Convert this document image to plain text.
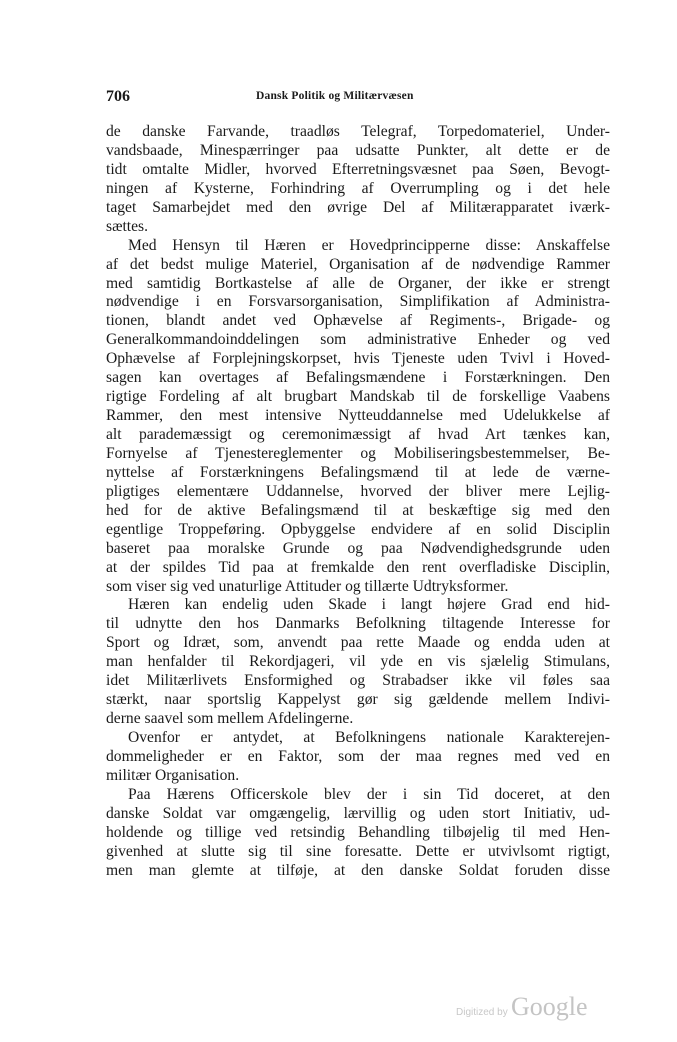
706	Dansk Politik og Militærvæsen
de danske Farvande, traadløs Telegraf, Torpedomateriel, Under-
vandsbaade, Minespærringer paa udsatte Punkter, alt dette er de
tidt omtalte Midler, hvorved Efterretningsvæsnet paa Søen, Bevogt-
ningen af Kysterne, Forhindring af Overrumpling og i det hele
taget Samarbejdet med den øvrige Del af Militærapparatet iværk-
sættes.
Med Hensyn til Hæren er Hovedprincipperne disse: Anskaffelse
af det bedst mulige Materiel, Organisation af de nødvendige Rammer
med samtidig Bortkastelse af alle de Organer, der ikke er strengt
nødvendige i en Forsvarsorganisation, Simplifikation af Administra-
tionen, blandt andet ved Ophævelse af Regiments-, Brigade- og
Generalkommandoinddelingen som administrative Enheder og ved
Ophævelse af Forplejningskorpset, hvis Tjeneste uden Tvivl i Hoved-
sagen kan overtages af Befalingsmændene i Forstærkningen. Den
rigtige Fordeling af alt brugbart Mandskab til de forskellige Vaabens
Rammer, den mest intensive Nytteuddannelse med Udelukkelse af
alt parademæssigt og ceremonimæssigt af hvad Art tænkes kan,
Fornyelse af Tjenestereglementer og Mobiliseringsbestemmelser, Be-
nyttelse af Forstærkningens Befalingsmænd til at lede de værne-
pligtiges elementære Uddannelse, hvorved der bliver mere Lejlig-
hed for de aktive Befalingsmænd til at beskæftige sig med den
egentlige Troppeføring. Opbyggelse endvidere af en solid Disciplin
baseret paa moralske Grunde og paa Nødvendighedsgrunde uden
at der spildes Tid paa at fremkalde den rent overfladiske Disciplin,
som viser sig ved unaturlige Attituder og tillærte Udtryksformer.
Hæren kan endelig uden Skade i langt højere Grad end hid-
til udnytte den hos Danmarks Befolkning tiltagende Interesse for
Sport og Idræt, som, anvendt paa rette Maade og endda uden at
man henfalder til Rekordjageri, vil yde en vis sjælelig Stimulans,
idet Militærlivets Ensformighed og Strabadser ikke vil føles saa
stærkt, naar sportslig Kappelyst gør sig gældende mellem Indivi-
derne saavel som mellem Afdelingerne.
Ovenfor er antydet, at Befolkningens nationale Karakterejen-
dommeligheder er en Faktor, som der maa regnes med ved en
militær Organisation.
Paa Hærens Officerskole blev der i sin Tid doceret, at den
danske Soldat var omgængelig, lærvillig og uden stort Initiativ, ud-
holdende og tillige ved retsindig Behandling tilbøjelig til med Hen-
givenhed at slutte sig til sine foresatte. Dette er utvivlsomt rigtigt,
men man glemte at tilføje, at den danske Soldat foruden disse
Digitized by Google
